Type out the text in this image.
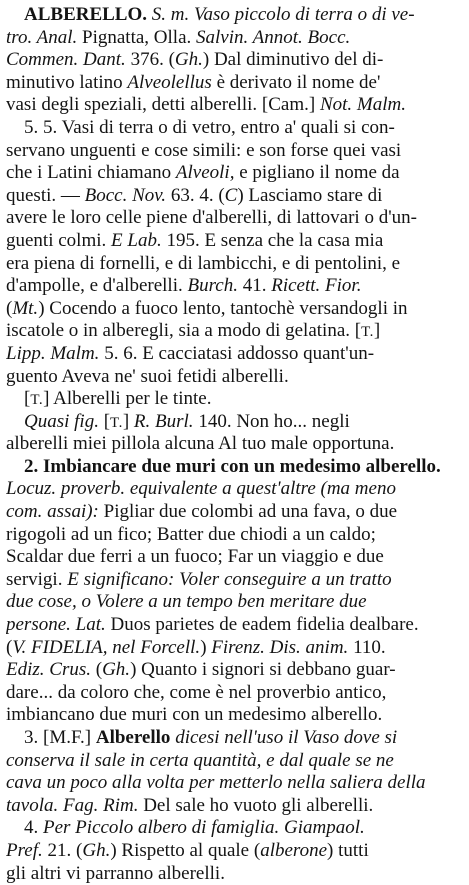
ALBERELLO. S. m. Vaso piccolo di terra o di ve-
tro. Anal. Pignatta, Olla. Salvin. Annot. Bocc.
Commen. Dant. 376. (Gh.) Dal diminutivo del di-
minutivo latino Alveolellus è derivato il nome de'
vasi degli speziali, detti alberelli. [Cam.] Not. Malm.
5. 5. Vasi di terra o di vetro, entro a' quali si con-
servano unguenti e cose simili: e son forse quei vasi
che i Latini chiamano Alveoli, e pigliano il nome da
questi. — Bocc. Nov. 63. 4. (C) Lasciamo stare di
avere le loro celle piene d'alberelli, di lattovari o d'un-
guenti colmi. E Lab. 195. E senza che la casa mia
era piena di fornelli, e di lambicchi, e di pentolini, e
d'ampolle, e d'alberelli. Burch. 41. Ricett. Fior.
(Mt.) Cocendo a fuoco lento, tantochè versandogli in
iscatole o in alberegli, sia a modo di gelatina. [T.]
Lipp. Malm. 5. 6. E cacciatasi addosso quant'un-
guento Aveva ne' suoi fetidi alberelli.
[T.] Alberelli per le tinte.
Quasi fig. [T.] R. Burl. 140. Non ho... negli
alberelli miei pillola alcuna Al tuo male opportuna.
2. Imbiancare due muri con un medesimo alberello.
Locuz. proverb. equivalente a quest'altre (ma meno
com. assai): Pigliar due colombi ad una fava, o due
rigogoli ad un fico; Batter due chiodi a un caldo;
Scaldar due ferri a un fuoco; Far un viaggio e due
servigi. E significano: Voler conseguire a un tratto
due cose, o Volere a un tempo ben meritare due
persone. Lat. Duos parietes de eadem fidelia dealbare.
(V. FIDELIA, nel Forcell.) Firenz. Dis. anim. 110.
Ediz. Crus. (Gh.) Quanto i signori si debbano guar-
dare... da coloro che, come è nel proverbio antico,
imbiancano due muri con un medesimo alberello.
3. [M.F.] Alberello dicesi nell'uso il Vaso dove si
conserva il sale in certa quantità, e dal quale se ne
cava un poco alla volta per metterlo nella saliera della
tavola. Fag. Rim. Del sale ho vuoto gli alberelli.
4. Per Piccolo albero di famiglia. Giampaol.
Pref. 21. (Gh.) Rispetto al quale (alberone) tutti
gli altri vi parranno alberelli.
